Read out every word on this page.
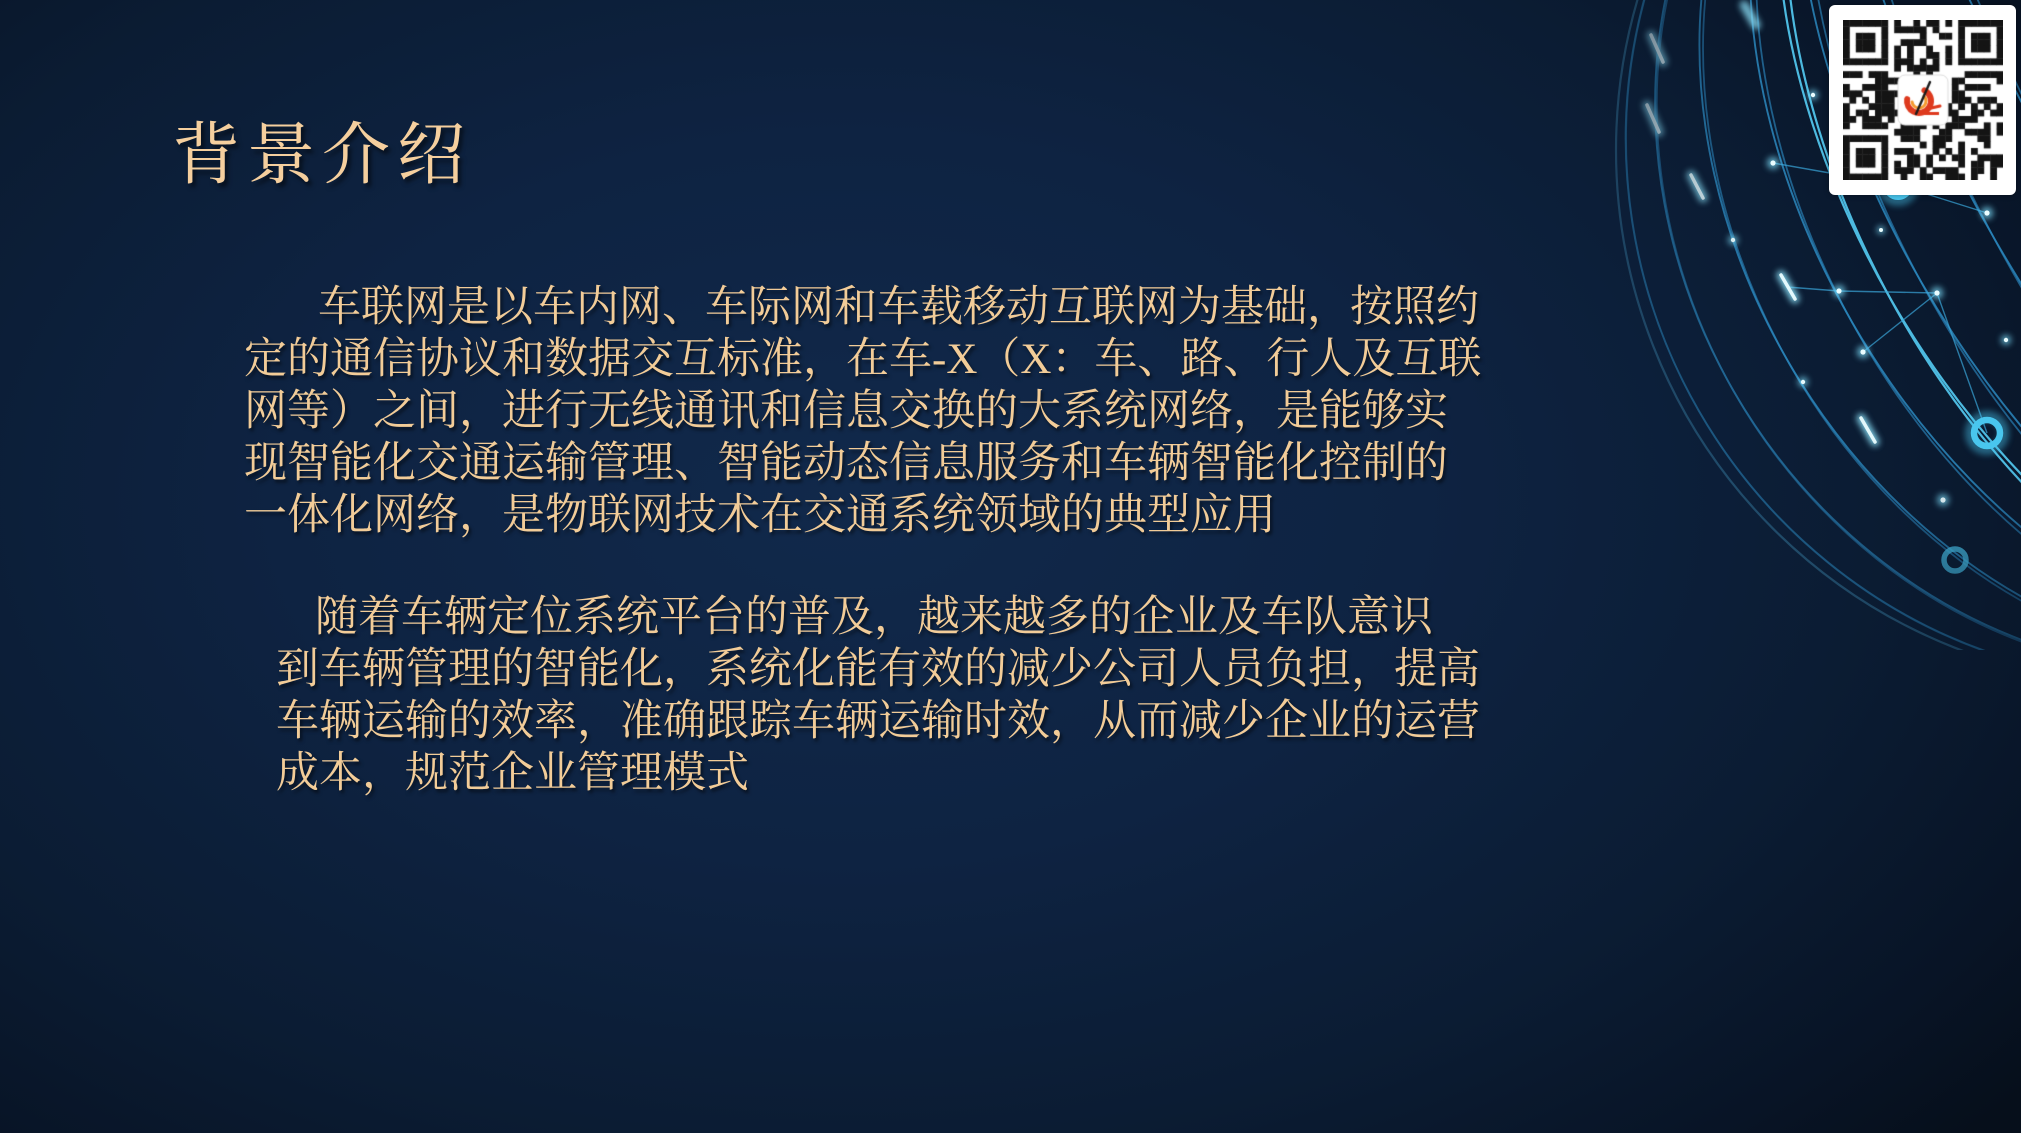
背景介绍
车联网是以车内网、车际网和车载移动互联网为基础，按照约
定的通信协议和数据交互标准，在车-X（X：车、路、行人及互联
网等）之间，进行无线通讯和信息交换的大系统网络，是能够实
现智能化交通运输管理、智能动态信息服务和车辆智能化控制的
一体化网络，是物联网技术在交通系统领域的典型应用
随着车辆定位系统平台的普及，越来越多的企业及车队意识
到车辆管理的智能化，系统化能有效的减少公司人员负担，提高
车辆运输的效率，准确跟踪车辆运输时效，从而减少企业的运营
成本，规范企业管理模式
